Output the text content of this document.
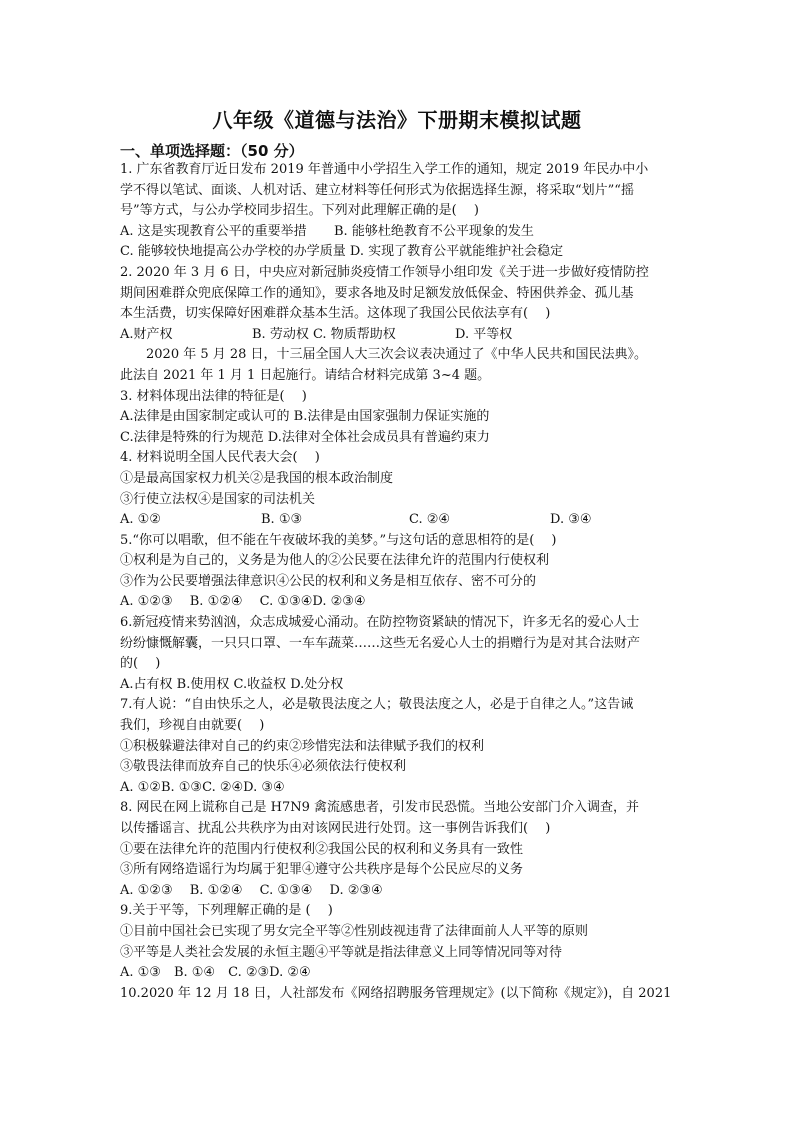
八年级《道德与法治》下册期末模拟试题
一、单项选择题：（50 分）

1. 广东省教育厅近日发布 2019 年普通中小学招生入学工作的通知，规定 2019 年民办中小

学不得以笔试、面谈、人机对话、建立材料等任何形式为依据选择生源，将采取“划片”“摇

号”等方式，与公办学校同步招生。下列对此理解正确的是(　 )

A. 这是实现教育公平的重要举措	B. 能够杜绝教育不公平现象的发生

C. 能够较快地提高公办学校的办学质量 D. 实现了教育公平就能维护社会稳定

2. 2020 年 3 月 6 日，中央应对新冠肺炎疫情工作领导小组印发《关于进一步做好疫情防控

期间困难群众兜底保障工作的通知》，要求各地及时足额发放低保金、特困供养金、孤儿基

本生活费，切实保障好困难群众基本生活。这体现了我国公民依法享有(　 )

A.财产权	B. 劳动权 C. 物质帮助权	D. 平等权

2020 年 5 月 28 日，十三届全国人大三次会议表决通过了《中华人民共和国民法典》。

此法自 2021 年 1 月 1 日起施行。请结合材料完成第 3~4 题。

3. 材料体现出法律的特征是(　 )

A.法律是由国家制定或认可的 B.法律是由国家强制力保证实施的

C.法律是特殊的行为规范 D.法律对全体社会成员具有普遍约束力

4. 材料说明全国人民代表大会(　 )

①是最高国家权力机关②是我国的根本政治制度

③行使立法权④是国家的司法机关

A. ①②	B. ①③	C. ②④	D. ③④

5.“你可以唱歌，但不能在午夜破坏我的美梦。”与这句话的意思相符的是(　 )

①权利是为自己的，义务是为他人的②公民要在法律允许的范围内行使权利

③作为公民要增强法律意识④公民的权利和义务是相互依存、密不可分的

A. ①②③　 B. ①②④　 C. ①③④D. ②③④

6.新冠疫情来势汹汹，众志成城爱心涌动。在防控物资紧缺的情况下，许多无名的爱心人士

纷纷慷慨解囊，一只只口罩、一车车蔬菜……这些无名爱心人士的捐赠行为是对其合法财产

的(　 )

A.占有权 B.使用权 C.收益权 D.处分权

7.有人说：“自由快乐之人，必是敬畏法度之人；敬畏法度之人，必是于自律之人。”这告诫

我们，珍视自由就要(　 )

①积极躲避法律对自己的约束②珍惜宪法和法律赋予我们的权利

③敬畏法律而放弃自己的快乐④必须依法行使权利

A. ①②B. ①③C. ②④D. ③④

8. 网民在网上谎称自己是 H7N9 禽流感患者，引发市民恐慌。当地公安部门介入调查，并

以传播谣言、扰乱公共秩序为由对该网民进行处罚。这一事例告诉我们(　 )

①要在法律允许的范围内行使权利②我国公民的权利和义务具有一致性

③所有网络造谣行为均属于犯罪④遵守公共秩序是每个公民应尽的义务

A. ①②③　 B. ①②④　 C. ①③④　 D. ②③④

9.关于平等，下列理解正确的是 (　 )

①目前中国社会已实现了男女完全平等②性别歧视违背了法律面前人人平等的原则

③平等是人类社会发展的永恒主题④平等就是指法律意义上同等情况同等对待

A. ①③　B. ①④　C. ②③D. ②④

10.2020 年 12 月 18 日，人社部发布《网络招聘服务管理规定》(以下简称《规定》)，自 2021
